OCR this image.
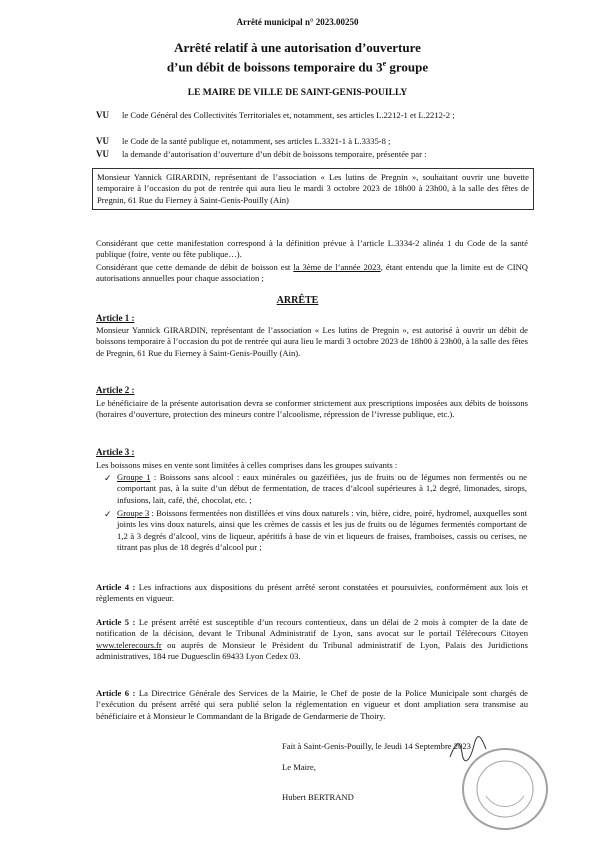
Arrêté municipal n° 2023.00250
Arrêté relatif à une autorisation d’ouverture
d’un débit de boissons temporaire du 3e groupe
LE MAIRE DE VILLE DE SAINT-GENIS-POUILLY
VU le Code Général des Collectivités Territoriales et, notamment, ses articles L.2212-1 et L.2212-2 ;
VU le Code de la santé publique et, notamment, ses articles L.3321-1 à L.3335-8 ;
VU la demande d’autorisation d’ouverture d’un débit de boissons temporaire, présentée par :
Monsieur Yannick GIRARDIN, représentant de l’association « Les lutins de Pregnin », souhaitant ouvrir une buvette temporaire à l’occasion du pot de rentrée qui aura lieu le mardi 3 octobre 2023 de 18h00 à 23h00, à la salle des fêtes de Pregnin, 61 Rue du Fierney à Saint-Genis-Pouilly (Ain)
Considérant que cette manifestation correspond à la définition prévue à l’article L.3334-2 alinéa 1 du Code de la santé publique (foire, vente ou fête publique…).
Considérant que cette demande de débit de boisson est la 3ème de l’année 2023, étant entendu que la limite est de CINQ autorisations annuelles pour chaque association ;
ARRÊTE
Article 1 :
Monsieur Yannick GIRARDIN, représentant de l’association « Les lutins de Pregnin », est autorisé à ouvrir un débit de boissons temporaire à l’occasion du pot de rentrée qui aura lieu le mardi 3 octobre 2023 de 18h00 à 23h00, à la salle des fêtes de Pregnin, 61 Rue du Fierney à Saint-Genis-Pouilly (Ain).
Article 2 :
Le bénéficiaire de la présente autorisation devra se conformer strictement aux prescriptions imposées aux débits de boissons (horaires d’ouverture, protection des mineurs contre l’alcoolisme, répression de l’ivresse publique, etc.).
Article 3 :
Les boissons mises en vente sont limitées à celles comprises dans les groupes suivants :
✓ Groupe 1 : Boissons sans alcool : eaux minérales ou gazéifiées, jus de fruits ou de légumes non fermentés ou ne comportant pas, à la suite d’un début de fermentation, de traces d’alcool supérieures à 1,2 degré, limonades, sirops, infusions, lait, café, thé, chocolat, etc. ;
✓ Groupe 3 : Boissons fermentées non distillées et vins doux naturels : vin, bière, cidre, poiré, hydromel, auxquelles sont joints les vins doux naturels, ainsi que les crèmes de cassis et les jus de fruits ou de légumes fermentés comportant de 1,2 à 3 degrés d’alcool, vins de liqueur, apéritifs à base de vin et liqueurs de fraises, framboises, cassis ou cerises, ne titrant pas plus de 18 degrés d’alcool pur ;
Article 4 : Les infractions aux dispositions du présent arrêté seront constatées et poursuivies, conformément aux lois et règlements en vigueur.
Article 5 : Le présent arrêté est susceptible d’un recours contentieux, dans un délai de 2 mois à compter de la date de notification de la décision, devant le Tribunal Administratif de Lyon, sans avocat sur le portail Télérecours Citoyen www.telerecours.fr ou auprès de Monsieur le Président du Tribunal administratif de Lyon, Palais des Juridictions administratives, 184 rue Duguesclin 69433 Lyon Cedex 03.
Article 6 : La Directrice Générale des Services de la Mairie, le Chef de poste de la Police Municipale sont chargés de l’exécution du présent arrêté qui sera publié selon la réglementation en vigueur et dont ampliation sera transmise au bénéficiaire et à Monsieur le Commandant de la Brigade de Gendarmerie de Thoiry.
Fait à Saint-Genis-Pouilly, le Jeudi 14 Septembre 2023
Le Maire,
Hubert BERTRAND
